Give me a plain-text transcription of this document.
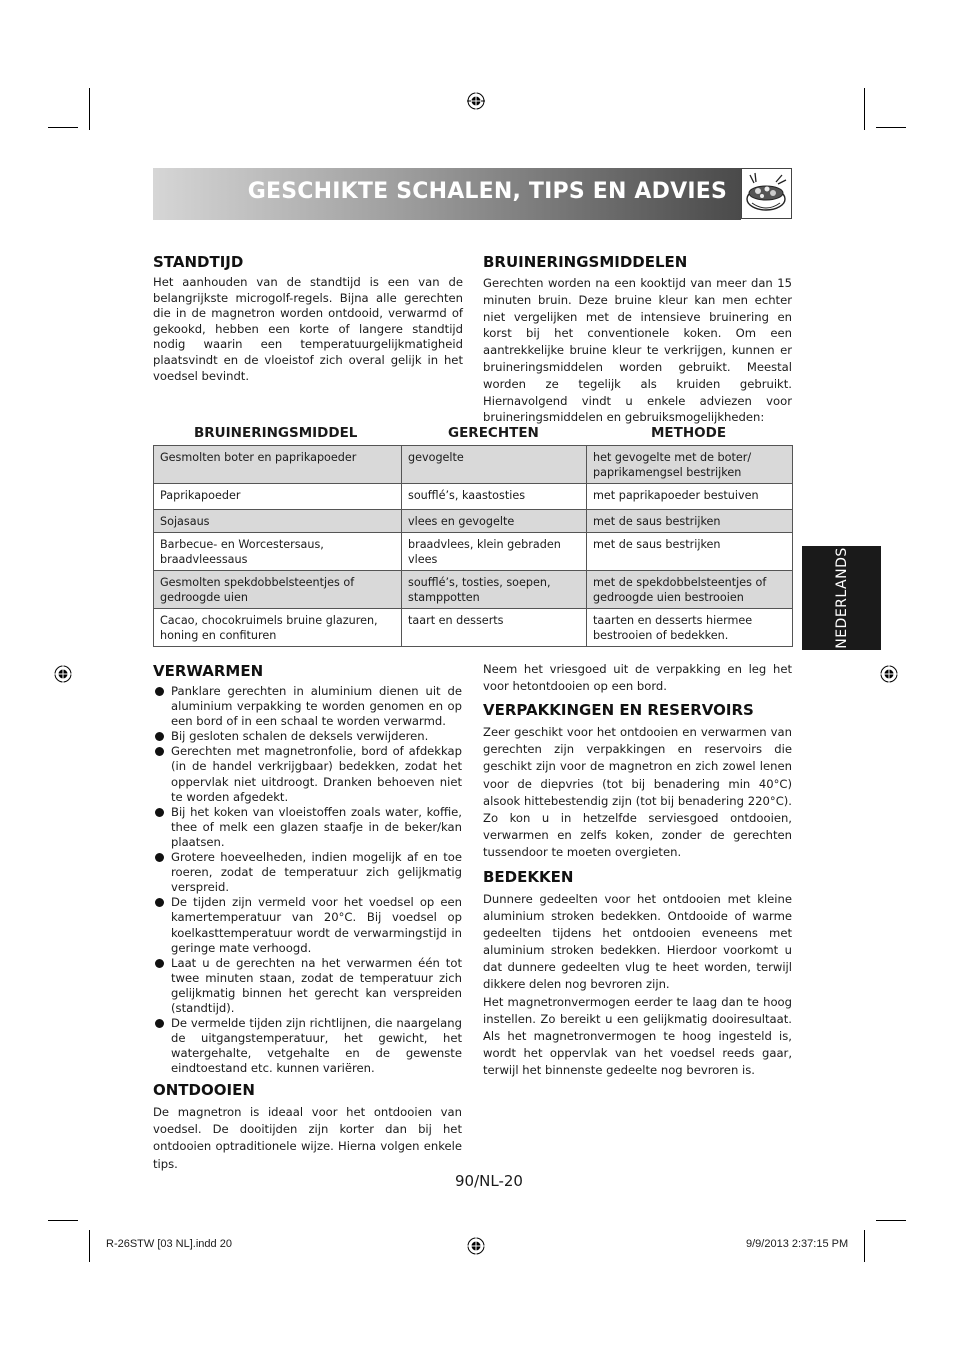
GESCHIKTE SCHALEN, TIPS EN ADVIES
STANDTIJD

Het aanhouden van de standtijd is een van de belangrijkste microgolf-regels. Bijna alle gerechten die in de magnetron worden ontdooid, verwarmd of gekookd, hebben een korte of langere standtijd nodig waarin een temperatuurgelijkmatigheid plaatsvindt en de vloeistof zich overal gelijk in het voedsel bevindt.

BRUINERINGSMIDDELEN

Gerechten worden na een kooktijd van meer dan 15 minuten bruin. Deze bruine kleur kan men echter niet vergelijken met de intensieve bruinering en korst bij het conventionele koken. Om een aantrekkelijke bruine kleur te verkrijgen, kunnen er bruineringsmiddelen worden gebruikt. Meestal worden ze tegelijk als kruiden gebruikt. Hiernavolgend vindt u enkele adviezen voor bruineringsmiddelen en gebruiksmogelijkheden:

BRUINERINGSMIDDEL	GERECHTEN	METHODE
Gesmolten boter en paprikapoeder	gevogelte	het gevogelte met de boter/ paprikamengsel bestrijken
Paprikapoeder	soufflé’s, kaastosties	met paprikapoeder bestuiven
Sojasaus	vlees en gevogelte	met de saus bestrijken
Barbecue- en Worcestersaus, braadvleessaus	braadvlees, klein gebraden vlees	met de saus bestrijken
Gesmolten spekdobbelsteentjes of gedroogde uien	soufflé’s, tosties, soepen, stamppotten	met de spekdobbelsteentjes of gedroogde uien bestrooien
Cacao, chocokruimels bruine glazuren, honing en confituren	taart en desserts	taarten en desserts hiermee bestrooien of bedekken.	NEDERLANDS
VERWARMEN
Panklare gerechten in aluminium dienen uit de aluminium verpakking te worden genomen en op een bord of in een schaal te worden verwarmd.
Bij gesloten schalen de deksels verwijderen.
Gerechten met magnetronfolie, bord of afdekkap (in de handel verkrijgbaar) bedekken, zodat het oppervlak niet uitdroogt. Dranken behoeven niet te worden afgedekt.
Bij het koken van vloeistoffen zoals water, koffie, thee of melk een glazen staafje in de beker/kan plaatsen.
Grotere hoeveelheden, indien mogelijk af en toe roeren, zodat de temperatuur zich gelijkmatig verspreid.
De tijden zijn vermeld voor het voedsel op een kamertemperatuur van 20°C. Bij voedsel op koelkasttemperatuur wordt de verwarmingstijd in geringe mate verhoogd.
Laat u de gerechten na het verwarmen één tot twee minuten staan, zodat de temperatuur zich gelijkmatig binnen het gerecht kan verspreiden (standtijd).
De vermelde tijden zijn richtlijnen, die naargelang de uitgangstemperatuur, het gewicht, het watergehalte, vetgehalte en de gewenste eindtoestand etc. kunnen variëren.
ONTDOOIEN

De magnetron is ideaal voor het ontdooien van voedsel. De dooitijden zijn korter dan bij het ontdooien optraditionele wijze. Hierna volgen enkele tips.

Neem het vriesgoed uit de verpakking en leg het voor hetontdooien op een bord.

VERPAKKINGEN EN RESERVOIRS

Zeer geschikt voor het ontdooien en verwarmen van gerechten zijn verpakkingen en reservoirs die geschikt zijn voor de magnetron en zich zowel lenen voor de diepvries (tot bij benadering min 40°C) alsook hittebestendig zijn (tot bij benadering 220°C). Zo kon u in hetzelfde serviesgoed ontdooien, verwarmen en zelfs koken, zonder de gerechten tussendoor te moeten overgieten.

BEDEKKEN

Dunnere gedeelten voor het ontdooien met kleine aluminium stroken bedekken. Ontdooide of warme gedeelten tijdens het ontdooien eveneens met aluminium stroken bedekken. Hierdoor voorkomt u dat dunnere gedeelten vlug te heet worden, terwijl dikkere delen nog bevroren zijn.

Het magnetronvermogen eerder te laag dan te hoog instellen. Zo bereikt u een gelijkmatig dooiresultaat. Als het magnetronvermogen te hoog ingesteld is, wordt het oppervlak van het voedsel reeds gaar, terwijl het binnenste gedeelte nog bevroren is.

90/NL-20
R-26STW [03 NL].indd 20	9/9/2013 2:37:15 PM
